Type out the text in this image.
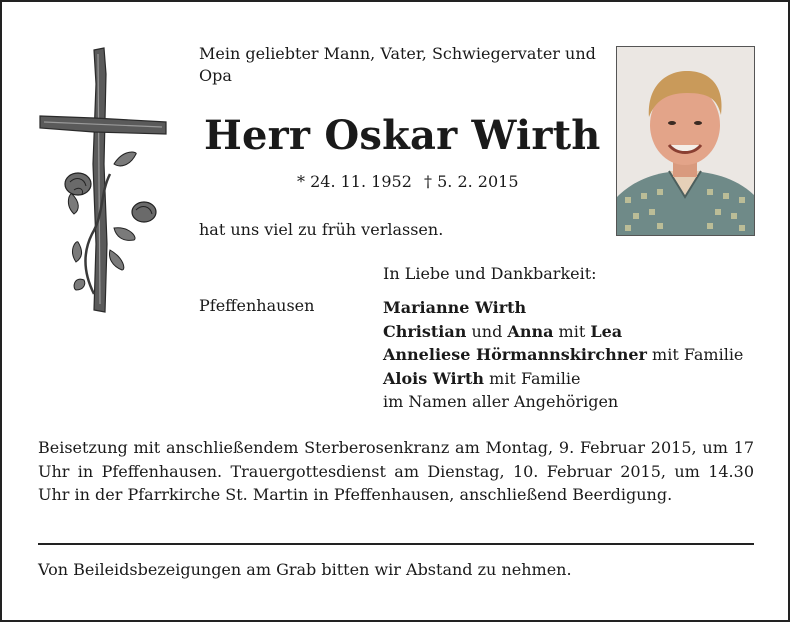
Mein geliebter Mann, Vater, Schwiegervater und Opa
Herr Oskar Wirth
* 24. 11. 1952 † 5. 2. 2015
hat uns viel zu früh verlassen.
In Liebe und Dankbarkeit:
Pfeffenhausen	Marianne Wirth
Christian und Anna mit Lea
Anneliese Hörmannskirchner mit Familie
Alois Wirth mit Familie
im Namen aller Angehörigen
Beisetzung mit anschließendem Sterberosenkranz am Montag, 9. Februar 2015, um 17 Uhr in Pfeffenhausen. Trauergottesdienst am Dienstag, 10. Februar 2015, um 14.30 Uhr in der Pfarrkirche St. Martin in Pfeffenhausen, anschließend Beerdigung.
Von Beileidsbezeigungen am Grab bitten wir Abstand zu nehmen.
